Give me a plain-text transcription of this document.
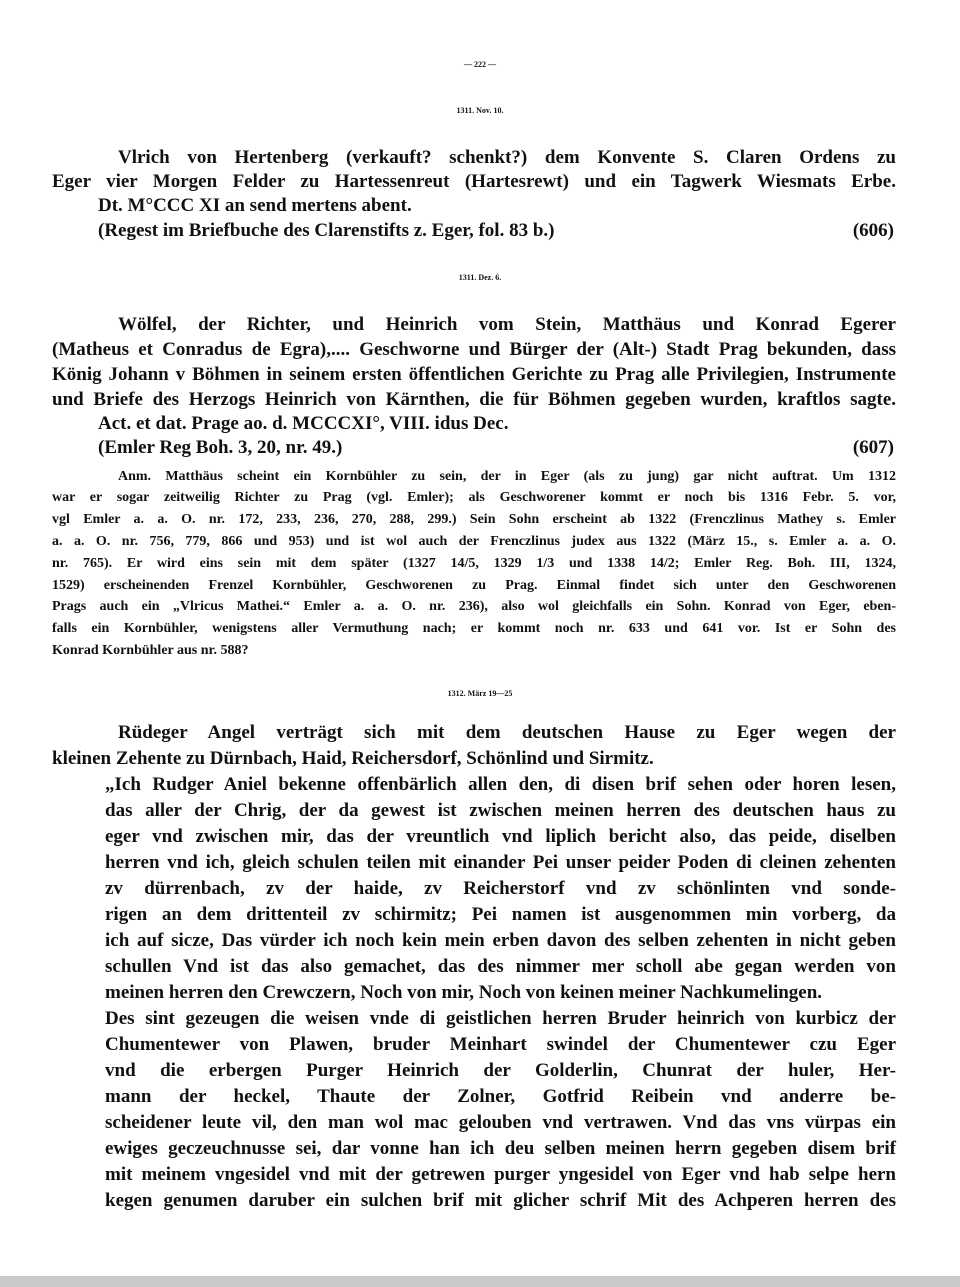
— 222 —
1311. Nov. 10.
Vlrich von Hertenberg (verkauft? schenkt?) dem Konvente S. Claren Ordens zu
Eger vier Morgen Felder zu Hartessenreut (Hartesrewt) und ein Tagwerk Wiesmats Erbe.
Dt. M°CCC XI an send mertens abent.
(Regest im Briefbuche des Clarenstifts z. Eger, fol. 83 b.)	(606)
1311. Dez. 6.
Wölfel, der Richter, und Heinrich vom Stein, Matthäus und Konrad Egerer
(Matheus et Conradus de Egra),.... Geschworne und Bürger der (Alt-) Stadt Prag bekunden, dass
König Johann v Böhmen in seinem ersten öffentlichen Gerichte zu Prag alle Privilegien, Instrumente
und Briefe des Herzogs Heinrich von Kärnthen, die für Böhmen gegeben wurden, kraftlos sagte.
Act. et dat. Prage ao. d. MCCCXI°, VIII. idus Dec.
(Emler Reg Boh. 3, 20, nr. 49.)	(607)
Anm. Matthäus scheint ein Kornbühler zu sein, der in Eger (als zu jung) gar nicht auftrat. Um 1312
war er sogar zeitweilig Richter zu Prag (vgl. Emler); als Geschworener kommt er noch bis 1316 Febr. 5. vor,
vgl Emler a. a. O. nr. 172, 233, 236, 270, 288, 299.) Sein Sohn erscheint ab 1322 (Frenczlinus Mathey s. Emler
a. a. O. nr. 756, 779, 866 und 953) und ist wol auch der Frenczlinus judex aus 1322 (März 15., s. Emler a. a. O.
nr. 765). Er wird eins sein mit dem später (1327 14/5, 1329 1/3 und 1338 14/2; Emler Reg. Boh. III, 1324,
1529) erscheinenden Frenzel Kornbühler, Geschworenen zu Prag. Einmal findet sich unter den Geschworenen
Prags auch ein „Vlricus Mathei.“ Emler a. a. O. nr. 236), also wol gleichfalls ein Sohn. Konrad von Eger, eben-
falls ein Kornbühler, wenigstens aller Vermuthung nach; er kommt noch nr. 633 und 641 vor. Ist er Sohn des
Konrad Kornbühler aus nr. 588?
1312. März 19—25
Rüdeger Angel verträgt sich mit dem deutschen Hause zu Eger wegen der
kleinen Zehente zu Dürnbach, Haid, Reichersdorf, Schönlind und Sirmitz.
„Ich Rudger Aniel bekenne offenbärlich allen den, di disen brif sehen oder horen lesen,
das aller der Chrig, der da gewest ist zwischen meinen herren des deutschen haus zu
eger vnd zwischen mir, das der vreuntlich vnd liplich bericht also, das peide, diselben
herren vnd ich, gleich schulen teilen mit einander Pei unser peider Poden di cleinen zehenten
zv dürrenbach, zv der haide, zv Reicherstorf vnd zv schönlinten vnd sonde-
rigen an dem drittenteil zv schirmitz; Pei namen ist ausgenommen min vorberg, da
ich auf sicze, Das vürder ich noch kein mein erben davon des selben zehenten in nicht geben
schullen Vnd ist das also gemachet, das des nimmer mer scholl abe gegan werden von
meinen herren den Crewczern, Noch von mir, Noch von keinen meiner Nachkumelingen.
Des sint gezeugen die weisen vnde di geistlichen herren Bruder heinrich von kurbicz der
Chumentewer von Plawen, bruder Meinhart swindel der Chumentewer czu Eger
vnd die erbergen Purger Heinrich der Golderlin, Chunrat der huler, Her-
mann der heckel, Thaute der Zolner, Gotfrid Reibein vnd anderre be-
scheidener leute vil, den man wol mac gelouben vnd vertrawen. Vnd das vns vürpas ein
ewiges geczeuchnusse sei, dar vonne han ich deu selben meinen herrn gegeben disem brif
mit meinem vngesidel vnd mit der getrewen purger yngesidel von Eger vnd hab selpe hern
kegen genumen daruber ein sulchen brif mit glicher schrif Mit des Achperen herren des
